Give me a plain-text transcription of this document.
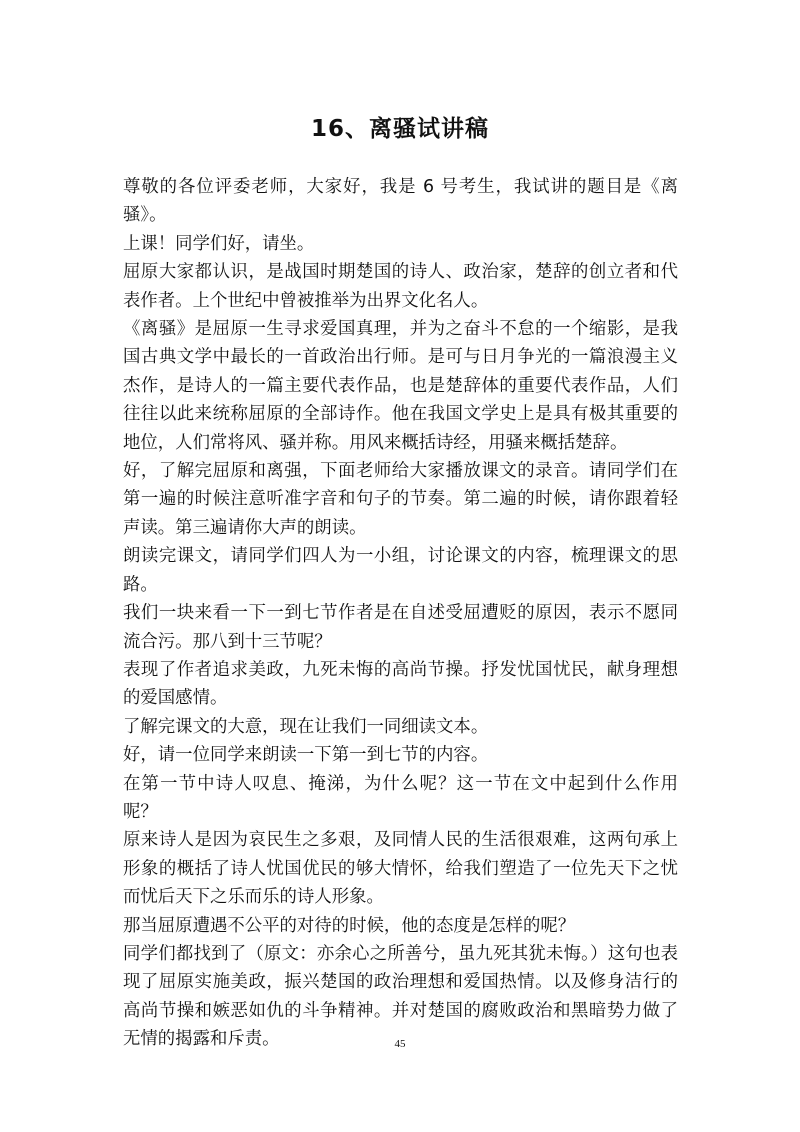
16、离骚试讲稿

尊敬的各位评委老师，大家好，我是 6 号考生，我试讲的题目是《离骚》。

上课！同学们好，请坐。

屈原大家都认识，是战国时期楚国的诗人、政治家，楚辞的创立者和代表作者。上个世纪中曾被推举为出界文化名人。

《离骚》是屈原一生寻求爱国真理，并为之奋斗不怠的一个缩影，是我国古典文学中最长的一首政治出行师。是可与日月争光的一篇浪漫主义杰作，是诗人的一篇主要代表作品，也是楚辞体的重要代表作品，人们往往以此来统称屈原的全部诗作。他在我国文学史上是具有极其重要的地位，人们常将风、骚并称。用风来概括诗经，用骚来概括楚辞。

好，了解完屈原和离强，下面老师给大家播放课文的录音。请同学们在第一遍的时候注意听准字音和句子的节奏。第二遍的时候，请你跟着轻声读。第三遍请你大声的朗读。

朗读完课文，请同学们四人为一小组，讨论课文的内容，梳理课文的思路。

我们一块来看一下一到七节作者是在自述受屈遭贬的原因，表示不愿同流合污。那八到十三节呢？

表现了作者追求美政，九死未悔的高尚节操。抒发忧国忧民，献身理想的爱国感情。

了解完课文的大意，现在让我们一同细读文本。

好，请一位同学来朗读一下第一到七节的内容。

在第一节中诗人叹息、掩涕，为什么呢？这一节在文中起到什么作用呢？

原来诗人是因为哀民生之多艰，及同情人民的生活很艰难，这两句承上形象的概括了诗人忧国优民的够大情怀，给我们塑造了一位先天下之忧而忧后天下之乐而乐的诗人形象。

那当屈原遭遇不公平的对待的时候，他的态度是怎样的呢？

同学们都找到了（原文：亦余心之所善兮，虽九死其犹未悔。）这句也表现了屈原实施美政，振兴楚国的政治理想和爱国热情。以及修身洁行的高尚节操和嫉恶如仇的斗争精神。并对楚国的腐败政治和黑暗势力做了无情的揭露和斥责。	45
